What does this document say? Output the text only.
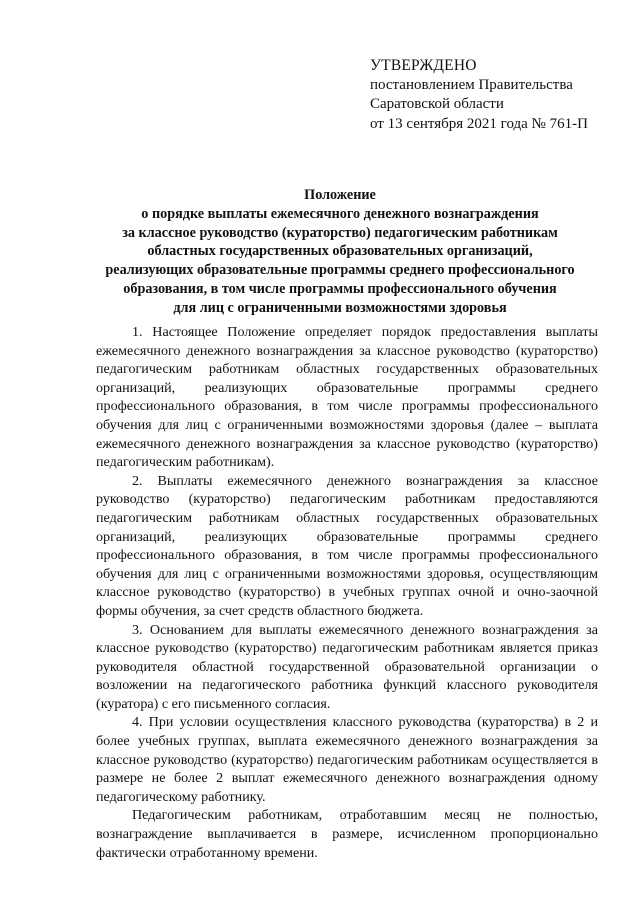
УТВЕРЖДЕНО
постановлением Правительства
Саратовской области
от 13 сентября 2021 года № 761-П
Положение
о порядке выплаты ежемесячного денежного вознаграждения
за классное руководство (кураторство) педагогическим работникам
областных государственных образовательных организаций,
реализующих образовательные программы среднего профессионального
образования, в том числе программы профессионального обучения
для лиц с ограниченными возможностями здоровья

1. Настоящее Положение определяет порядок предоставления выплаты ежемесячного денежного вознаграждения за классное руководство (кураторство) педагогическим работникам областных государственных образовательных организаций, реализующих образовательные программы среднего профессионального образования, в том числе программы профессионального обучения для лиц с ограниченными возможностями здоровья (далее – выплата ежемесячного денежного вознаграждения за классное руководство (кураторство) педагогическим работникам).

2. Выплаты ежемесячного денежного вознаграждения за классное руководство (кураторство) педагогическим работникам предоставляются педагогическим работникам областных государственных образовательных организаций, реализующих образовательные программы среднего профессионального образования, в том числе программы профессионального обучения для лиц с ограниченными возможностями здоровья, осуществляющим классное руководство (кураторство) в учебных группах очной и очно-заочной формы обучения, за счет средств областного бюджета.

3. Основанием для выплаты ежемесячного денежного вознаграждения за классное руководство (кураторство) педагогическим работникам является приказ руководителя областной государственной образовательной организации о возложении на педагогического работника функций классного руководителя (куратора) с его письменного согласия.

4. При условии осуществления классного руководства (кураторства) в 2 и более учебных группах, выплата ежемесячного денежного вознаграждения за классное руководство (кураторство) педагогическим работникам осуществляется в размере не более 2 выплат ежемесячного денежного вознаграждения одному педагогическому работнику.

Педагогическим работникам, отработавшим месяц не полностью, вознаграждение выплачивается в размере, исчисленном пропорционально фактически отработанному времени.
